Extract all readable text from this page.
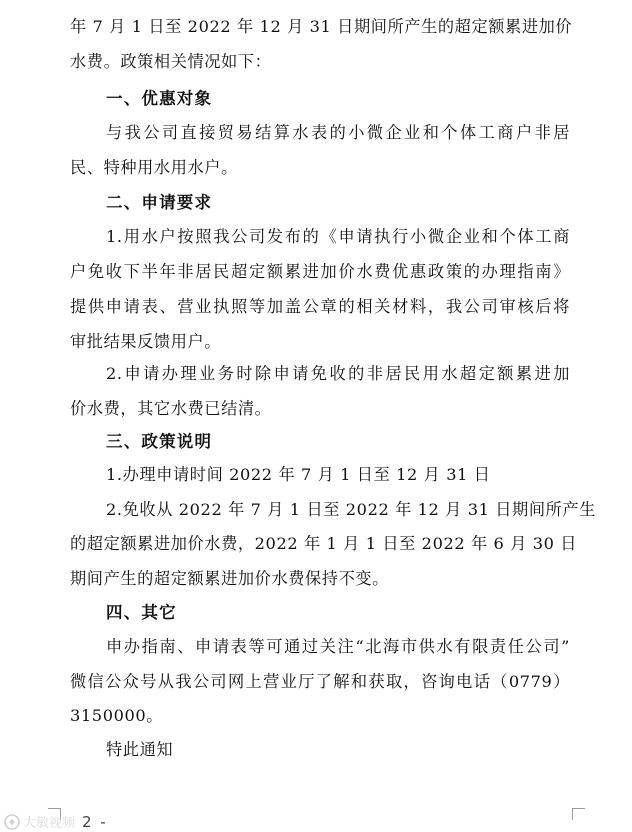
年 7 月 1 日至 2022 年 12 月 31 日期间所产生的超定额累进加价
水费。政策相关情况如下：
一、优惠对象
与我公司直接贸易结算水表的小微企业和个体工商户非居
民、特种用水用水户。
二、申请要求
1.用水户按照我公司发布的《申请执行小微企业和个体工商
户免收下半年非居民超定额累进加价水费优惠政策的办理指南》
提供申请表、营业执照等加盖公章的相关材料，我公司审核后将
审批结果反馈用户。
2.申请办理业务时除申请免收的非居民用水超定额累进加
价水费，其它水费已结清。
三、政策说明
1.办理申请时间 2022 年 7 月 1 日至 12 月 31 日
2.免收从 2022 年 7 月 1 日至 2022 年 12 月 31 日期间所产生
的超定额累进加价水费，2022 年 1 月 1 日至 2022 年 6 月 30 日
期间产生的超定额累进加价水费保持不变。
四、其它
申办指南、申请表等可通过关注“北海市供水有限责任公司”
微信公众号从我公司网上营业厅了解和获取，咨询电话（0779）
3150000。
特此通知
大敏视频 2 -
